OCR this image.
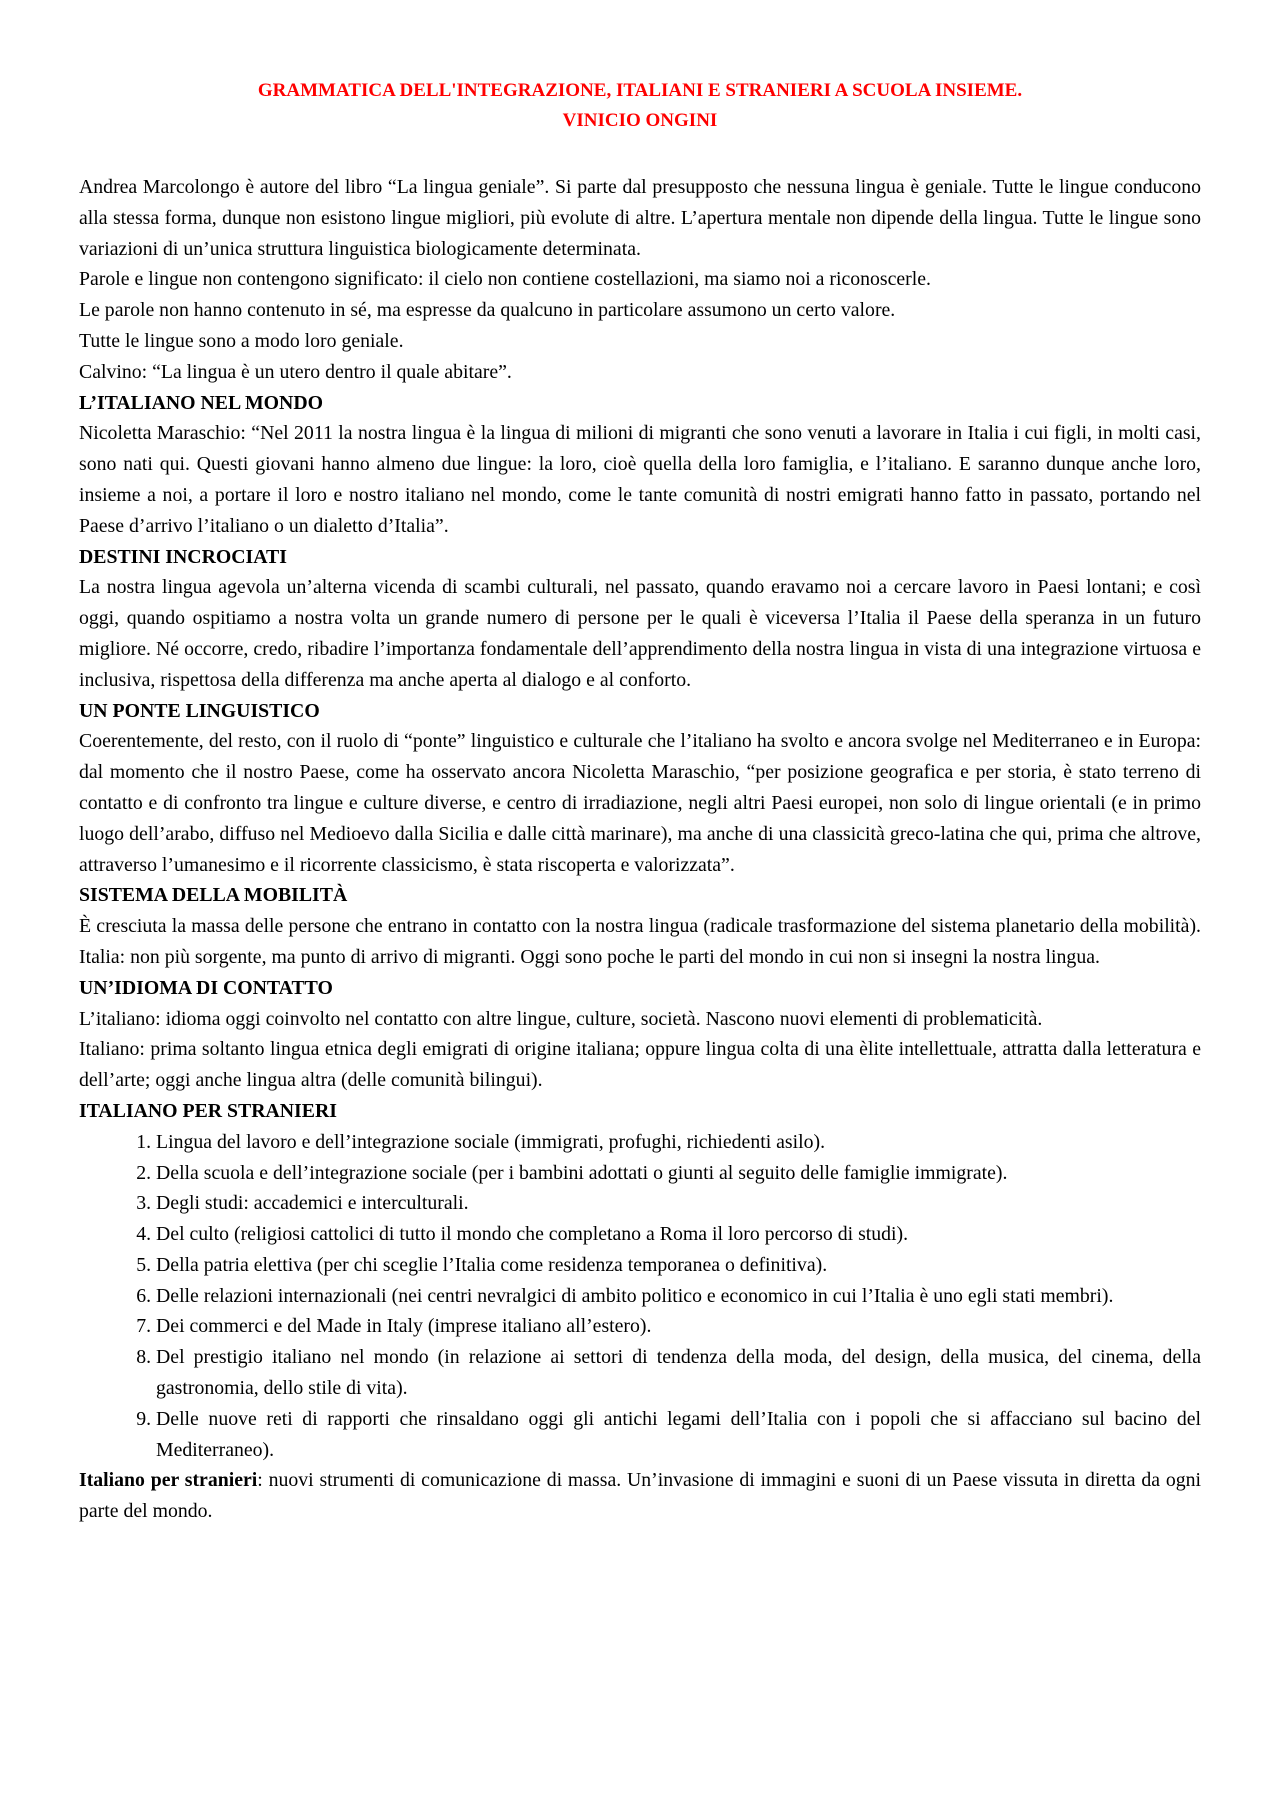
GRAMMATICA DELL'INTEGRAZIONE, ITALIANI E STRANIERI A SCUOLA INSIEME.
VINICIO ONGINI

Andrea Marcolongo è autore del libro “La lingua geniale”. Si parte dal presupposto che nessuna lingua è geniale. Tutte le lingue conducono alla stessa forma, dunque non esistono lingue migliori, più evolute di altre. L’apertura mentale non dipende della lingua. Tutte le lingue sono variazioni di un’unica struttura linguistica biologicamente determinata.

Parole e lingue non contengono significato: il cielo non contiene costellazioni, ma siamo noi a riconoscerle.

Le parole non hanno contenuto in sé, ma espresse da qualcuno in particolare assumono un certo valore.

Tutte le lingue sono a modo loro geniale.

Calvino: “La lingua è un utero dentro il quale abitare”.

L’ITALIANO NEL MONDO

Nicoletta Maraschio: “Nel 2011 la nostra lingua è la lingua di milioni di migranti che sono venuti a lavorare in Italia i cui figli, in molti casi, sono nati qui. Questi giovani hanno almeno due lingue: la loro, cioè quella della loro famiglia, e l’italiano. E saranno dunque anche loro, insieme a noi, a portare il loro e nostro italiano nel mondo, come le tante comunità di nostri emigrati hanno fatto in passato, portando nel Paese d’arrivo l’italiano o un dialetto d’Italia”.

DESTINI INCROCIATI

La nostra lingua agevola un’alterna vicenda di scambi culturali, nel passato, quando eravamo noi a cercare lavoro in Paesi lontani; e così oggi, quando ospitiamo a nostra volta un grande numero di persone per le quali è viceversa l’Italia il Paese della speranza in un futuro migliore. Né occorre, credo, ribadire l’importanza fondamentale dell’apprendimento della nostra lingua in vista di una integrazione virtuosa e inclusiva, rispettosa della differenza ma anche aperta al dialogo e al conforto.

UN PONTE LINGUISTICO

Coerentemente, del resto, con il ruolo di “ponte” linguistico e culturale che l’italiano ha svolto e ancora svolge nel Mediterraneo e in Europa: dal momento che il nostro Paese, come ha osservato ancora Nicoletta Maraschio, “per posizione geografica e per storia, è stato terreno di contatto e di confronto tra lingue e culture diverse, e centro di irradiazione, negli altri Paesi europei, non solo di lingue orientali (e in primo luogo dell’arabo, diffuso nel Medioevo dalla Sicilia e dalle città marinare), ma anche di una classicità greco-latina che qui, prima che altrove, attraverso l’umanesimo e il ricorrente classicismo, è stata riscoperta e valorizzata”.

SISTEMA DELLA MOBILITÀ

È cresciuta la massa delle persone che entrano in contatto con la nostra lingua (radicale trasformazione del sistema planetario della mobilità). Italia: non più sorgente, ma punto di arrivo di migranti. Oggi sono poche le parti del mondo in cui non si insegni la nostra lingua.

UN’IDIOMA DI CONTATTO

L’italiano: idioma oggi coinvolto nel contatto con altre lingue, culture, società. Nascono nuovi elementi di problematicità.

Italiano: prima soltanto lingua etnica degli emigrati di origine italiana; oppure lingua colta di una èlite intellettuale, attratta dalla letteratura e dell’arte; oggi anche lingua altra (delle comunità bilingui).

ITALIANO PER STRANIERI
1. Lingua del lavoro e dell’integrazione sociale (immigrati, profughi, richiedenti asilo).
2. Della scuola e dell’integrazione sociale (per i bambini adottati o giunti al seguito delle famiglie immigrate).
3. Degli studi: accademici e interculturali.
4. Del culto (religiosi cattolici di tutto il mondo che completano a Roma il loro percorso di studi).
5. Della patria elettiva (per chi sceglie l’Italia come residenza temporanea o definitiva).
6. Delle relazioni internazionali (nei centri nevralgici di ambito politico e economico in cui l’Italia è uno egli stati membri).
7. Dei commerci e del Made in Italy (imprese italiano all’estero).
8. Del prestigio italiano nel mondo (in relazione ai settori di tendenza della moda, del design, della musica, del cinema, della gastronomia, dello stile di vita).
9. Delle nuove reti di rapporti che rinsaldano oggi gli antichi legami dell’Italia con i popoli che si affacciano sul bacino del Mediterraneo).

Italiano per stranieri: nuovi strumenti di comunicazione di massa. Un’invasione di immagini e suoni di un Paese vissuta in diretta da ogni parte del mondo.
